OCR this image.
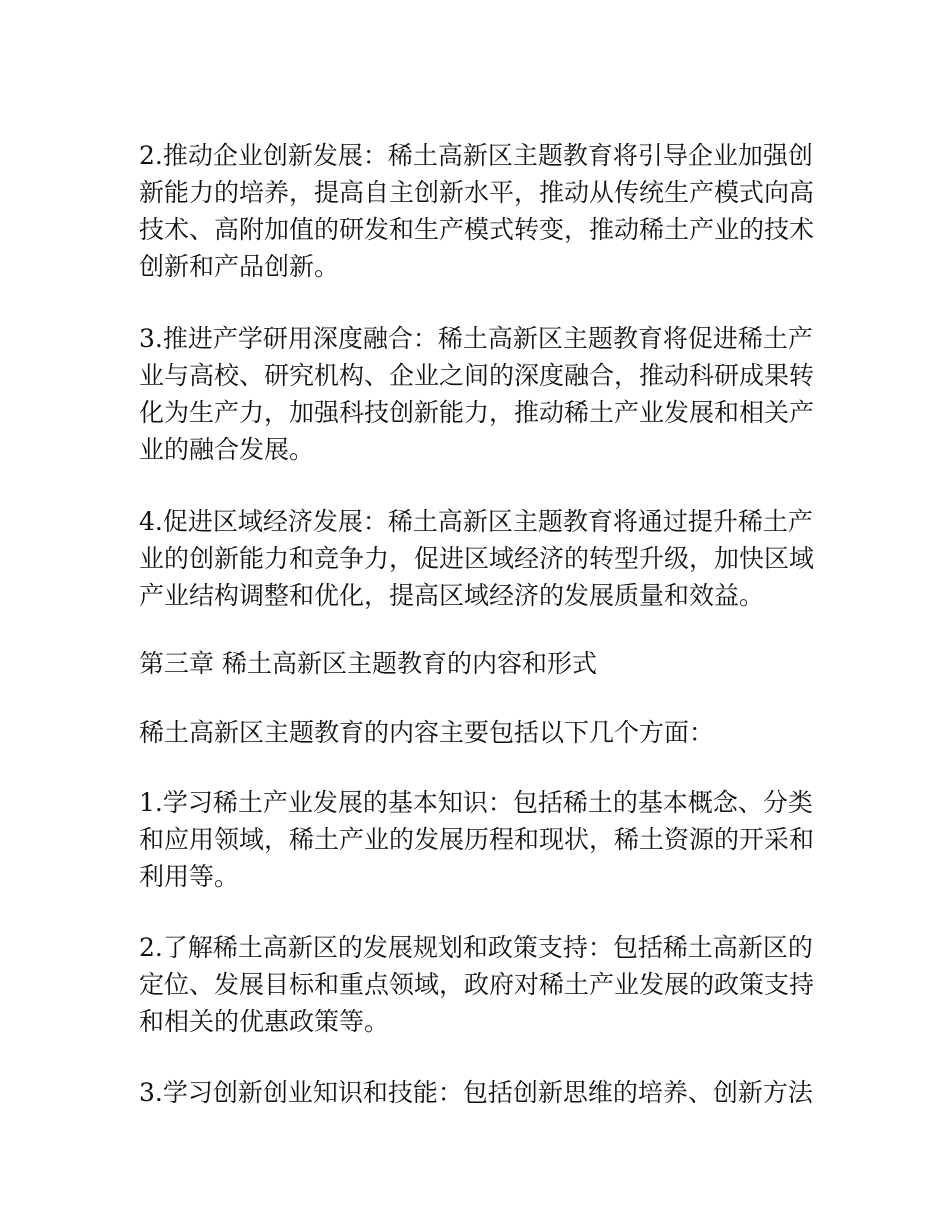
2.推动企业创新发展：稀土高新区主题教育将引导企业加强创

新能力的培养，提高自主创新水平，推动从传统生产模式向高

技术、高附加值的研发和生产模式转变，推动稀土产业的技术

创新和产品创新。

3.推进产学研用深度融合：稀土高新区主题教育将促进稀土产

业与高校、研究机构、企业之间的深度融合，推动科研成果转

化为生产力，加强科技创新能力，推动稀土产业发展和相关产

业的融合发展。

4.促进区域经济发展：稀土高新区主题教育将通过提升稀土产

业的创新能力和竞争力，促进区域经济的转型升级，加快区域

产业结构调整和优化，提高区域经济的发展质量和效益。

第三章 稀土高新区主题教育的内容和形式

稀土高新区主题教育的内容主要包括以下几个方面：

1.学习稀土产业发展的基本知识：包括稀土的基本概念、分类

和应用领域，稀土产业的发展历程和现状，稀土资源的开采和

利用等。

2.了解稀土高新区的发展规划和政策支持：包括稀土高新区的

定位、发展目标和重点领域，政府对稀土产业发展的政策支持

和相关的优惠政策等。

3.学习创新创业知识和技能：包括创新思维的培养、创新方法
